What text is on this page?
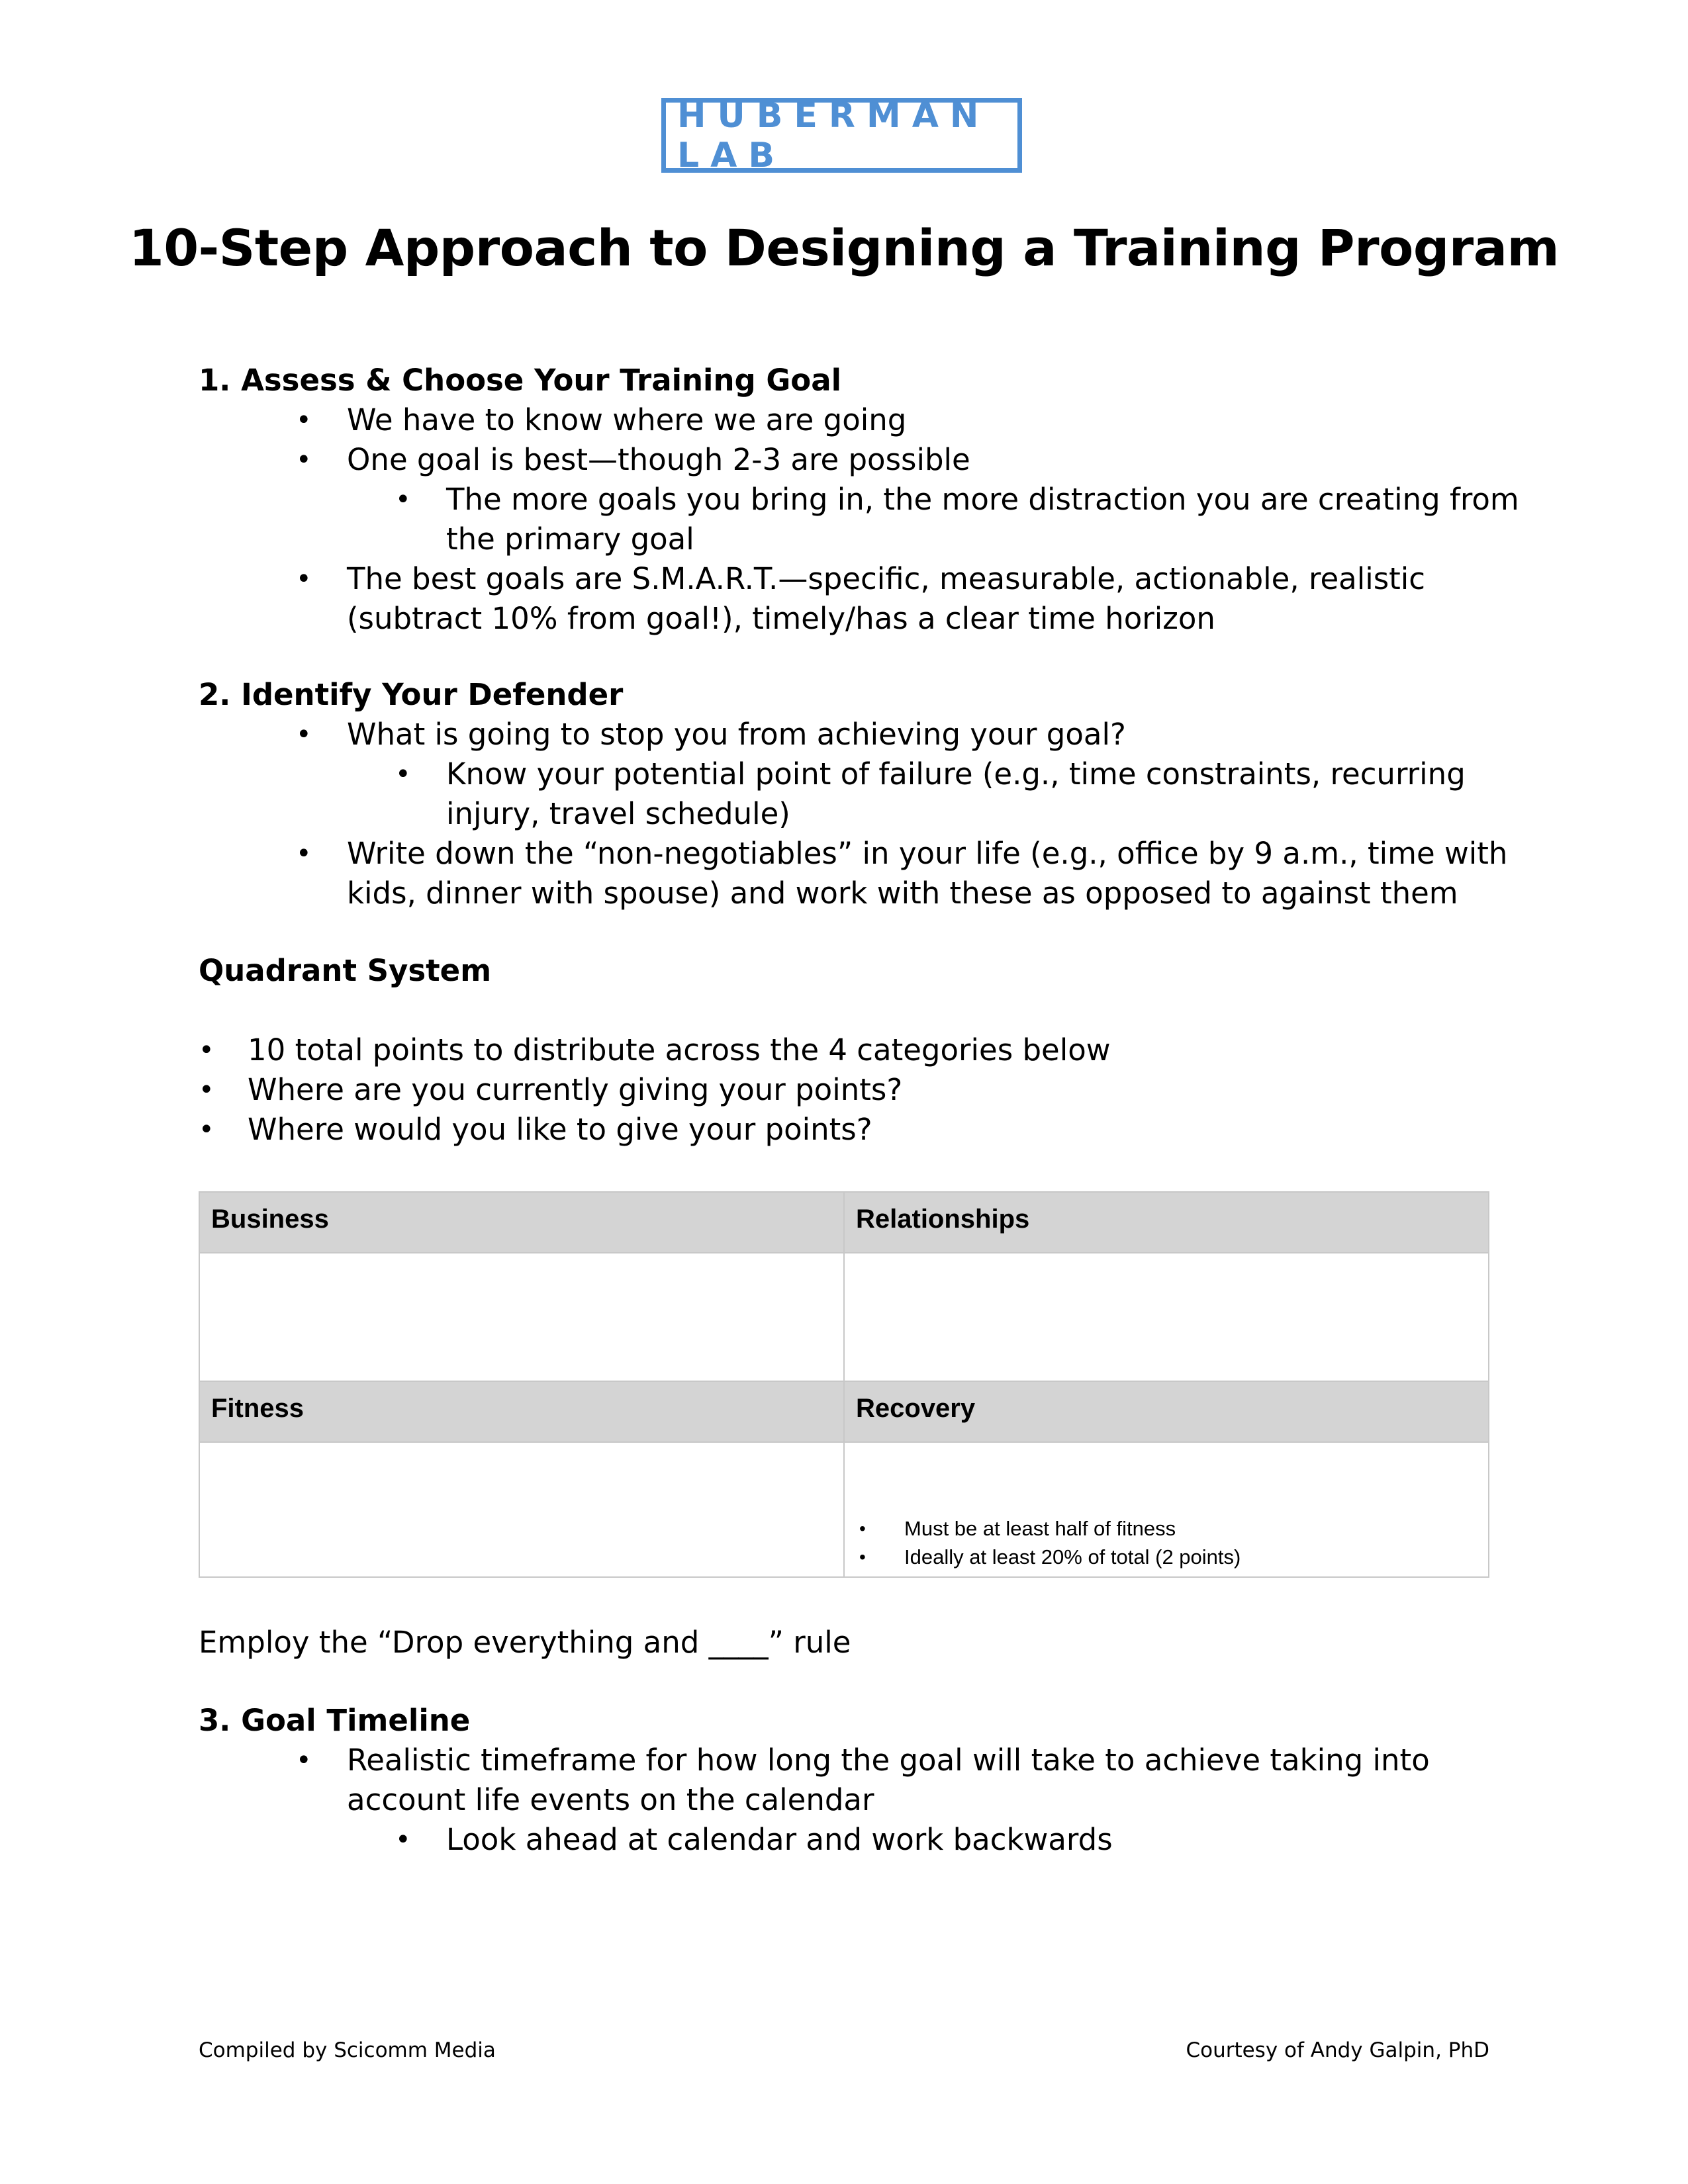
HUBERMAN LAB
10-Step Approach to Designing a Training Program
1. Assess & Choose Your Training Goal
• We have to know where we are going
• One goal is best—though 2-3 are possible
• The more goals you bring in, the more distraction you are creating from
the primary goal
• The best goals are S.M.A.R.T.—specific, measurable, actionable, realistic
(subtract 10% from goal!), timely/has a clear time horizon
2. Identify Your Defender
• What is going to stop you from achieving your goal?
• Know your potential point of failure (e.g., time constraints, recurring
injury, travel schedule)
• Write down the “non-negotiables” in your life (e.g., office by 9 a.m., time with
kids, dinner with spouse) and work with these as opposed to against them
Quadrant System
• 10 total points to distribute across the 4 categories below
• Where are you currently giving your points?
• Where would you like to give your points?
Business	Relationships

Fitness	Recovery

	• Must be at least half of fitness
• Ideally at least 20% of total (2 points)
Employ the “Drop everything and ____” rule
3. Goal Timeline
• Realistic timeframe for how long the goal will take to achieve taking into
account life events on the calendar
• Look ahead at calendar and work backwards
Compiled by Scicomm Media	Courtesy of Andy Galpin, PhD
